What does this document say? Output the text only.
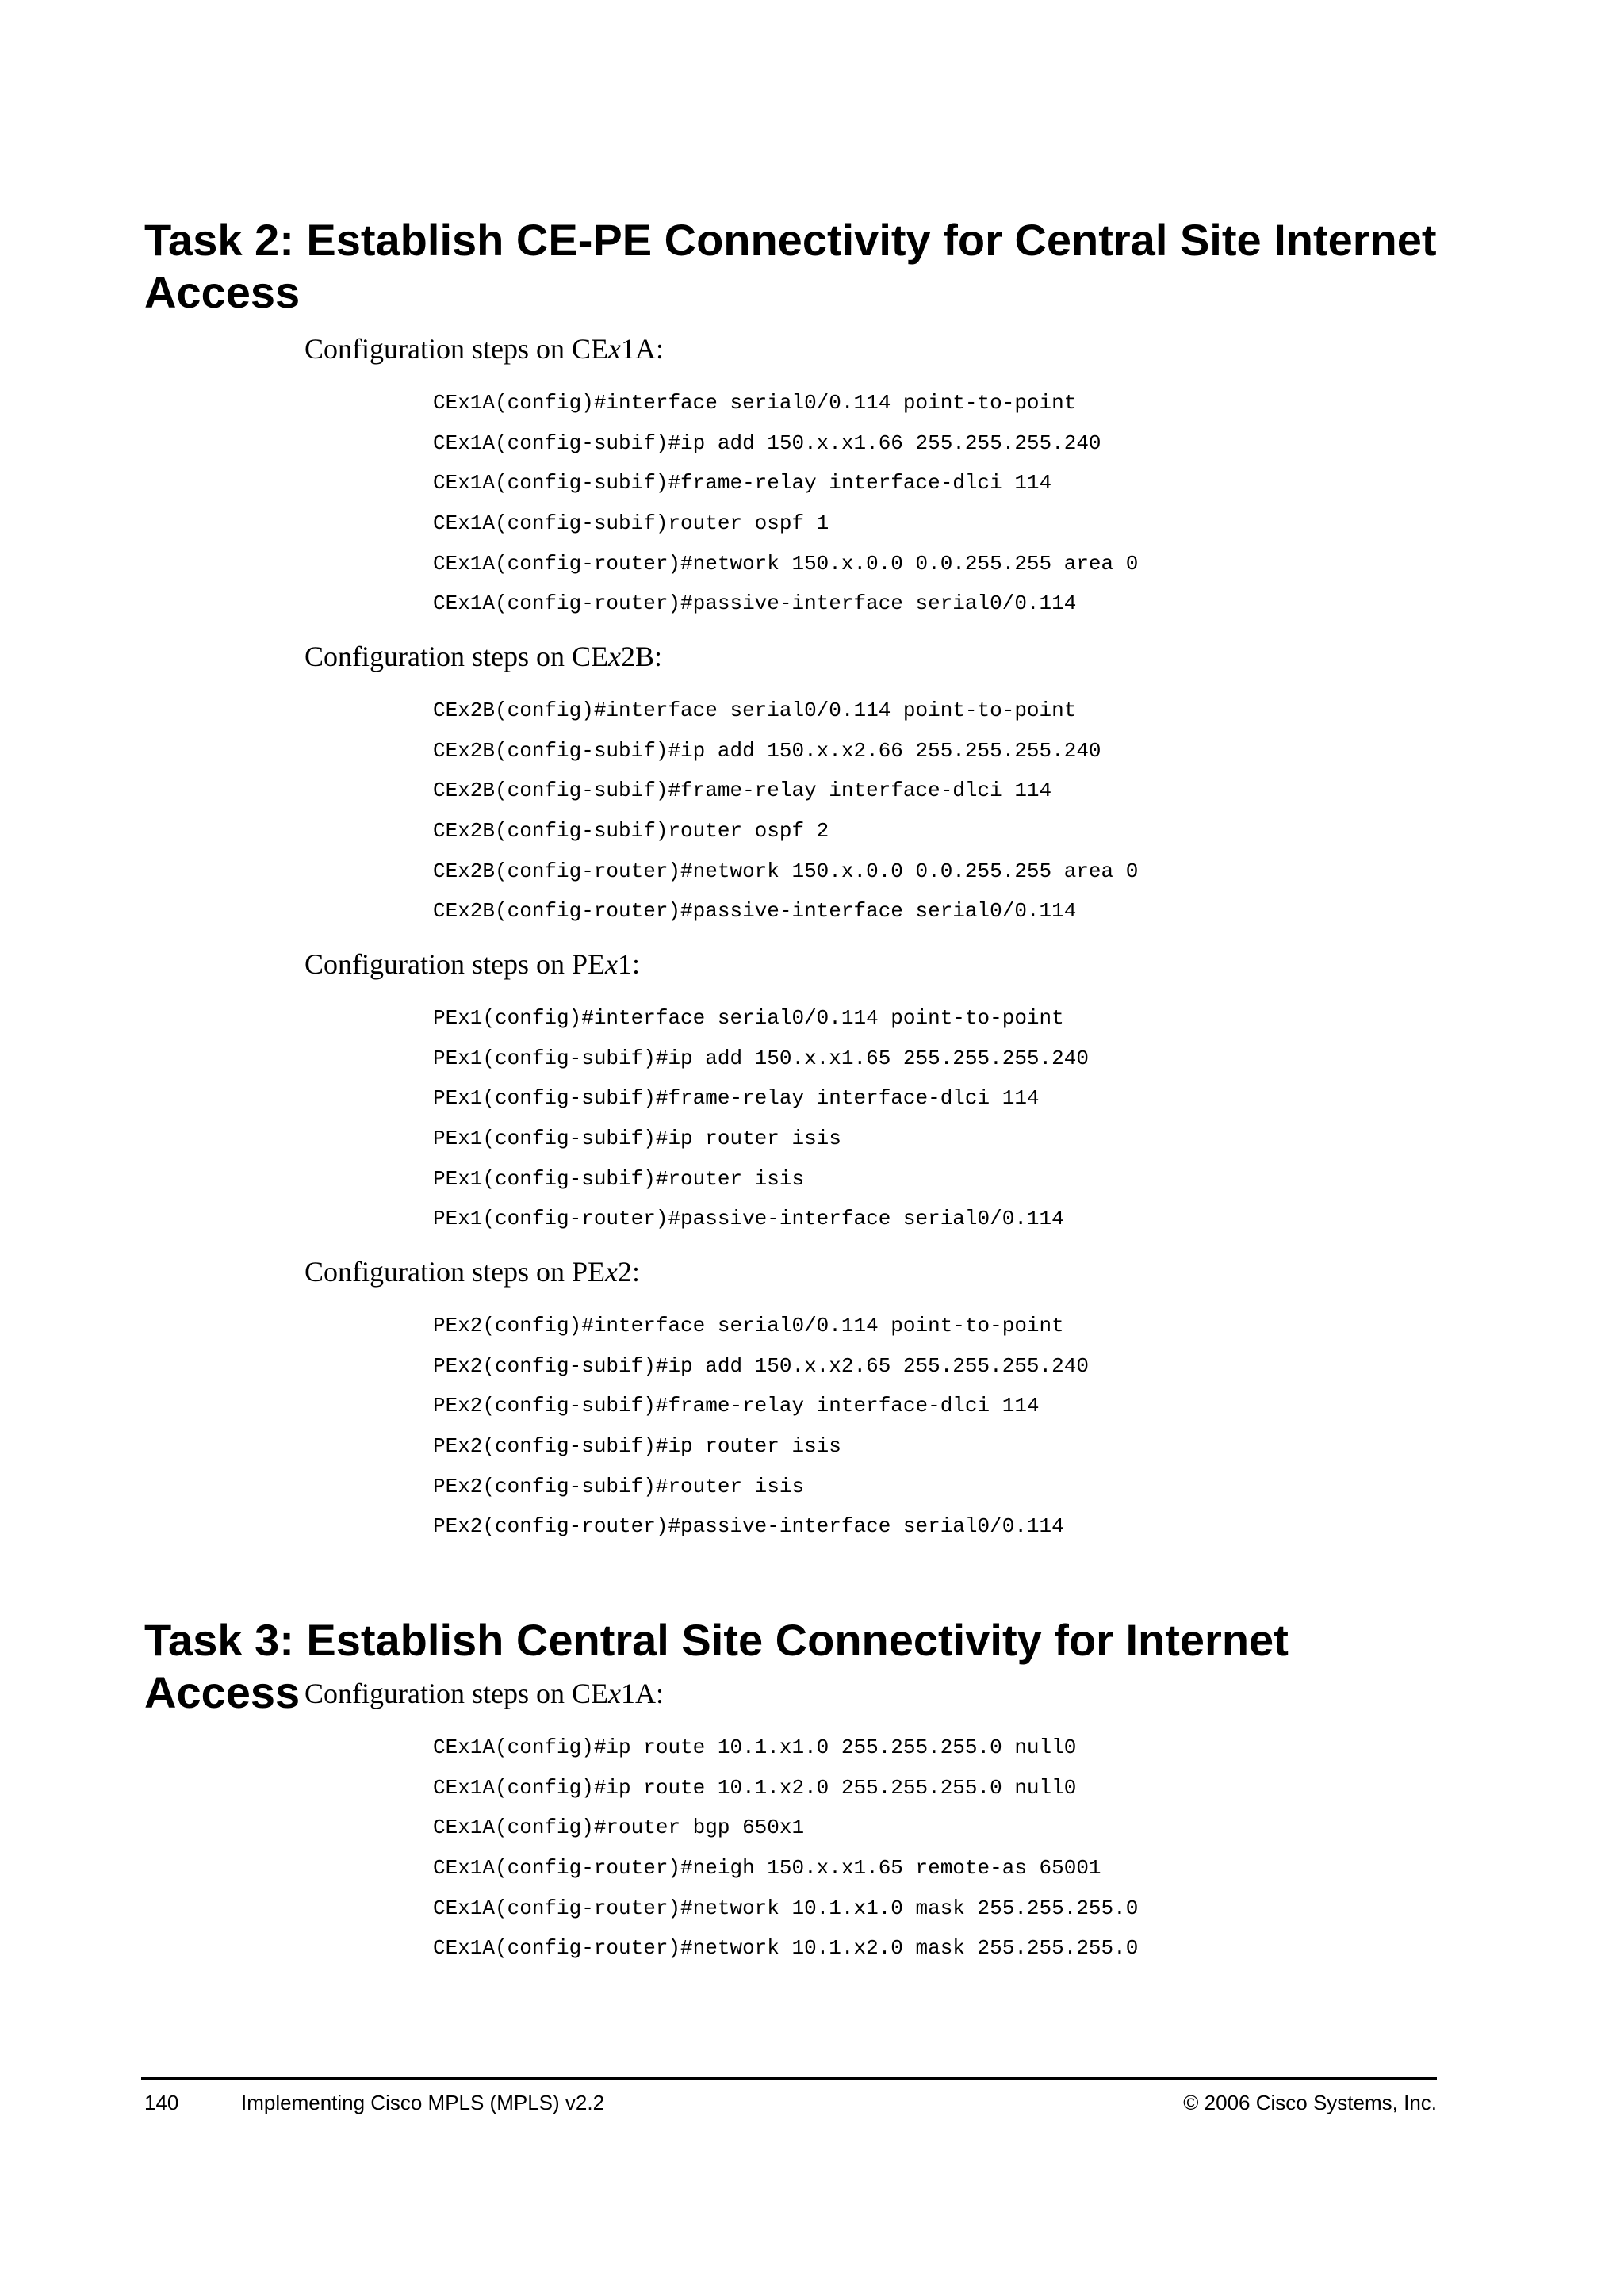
Task 2: Establish CE-PE Connectivity for Central Site Internet Access

Configuration steps on CEx1A:

CEx1A(config)#interface serial0/0.114 point-to-point
CEx1A(config-subif)#ip add 150.x.x1.66 255.255.255.240
CEx1A(config-subif)#frame-relay interface-dlci 114
CEx1A(config-subif)router ospf 1
CEx1A(config-router)#network 150.x.0.0 0.0.255.255 area 0
CEx1A(config-router)#passive-interface serial0/0.114

Configuration steps on CEx2B:

CEx2B(config)#interface serial0/0.114 point-to-point
CEx2B(config-subif)#ip add 150.x.x2.66 255.255.255.240
CEx2B(config-subif)#frame-relay interface-dlci 114
CEx2B(config-subif)router ospf 2
CEx2B(config-router)#network 150.x.0.0 0.0.255.255 area 0
CEx2B(config-router)#passive-interface serial0/0.114

Configuration steps on PEx1:

PEx1(config)#interface serial0/0.114 point-to-point
PEx1(config-subif)#ip add 150.x.x1.65 255.255.255.240
PEx1(config-subif)#frame-relay interface-dlci 114
PEx1(config-subif)#ip router isis
PEx1(config-subif)#router isis
PEx1(config-router)#passive-interface serial0/0.114

Configuration steps on PEx2:

PEx2(config)#interface serial0/0.114 point-to-point
PEx2(config-subif)#ip add 150.x.x2.65 255.255.255.240
PEx2(config-subif)#frame-relay interface-dlci 114
PEx2(config-subif)#ip router isis
PEx2(config-subif)#router isis
PEx2(config-router)#passive-interface serial0/0.114
Task 3: Establish Central Site Connectivity for Internet Access Configuration steps on CEx1A:

CEx1A(config)#ip route 10.1.x1.0 255.255.255.0 null0
CEx1A(config)#ip route 10.1.x2.0 255.255.255.0 null0
CEx1A(config)#router bgp 650x1
CEx1A(config-router)#neigh 150.x.x1.65 remote-as 65001
CEx1A(config-router)#network 10.1.x1.0 mask 255.255.255.0
CEx1A(config-router)#network 10.1.x2.0 mask 255.255.255.0
140	Implementing Cisco MPLS (MPLS) v2.2	© 2006 Cisco Systems, Inc.
